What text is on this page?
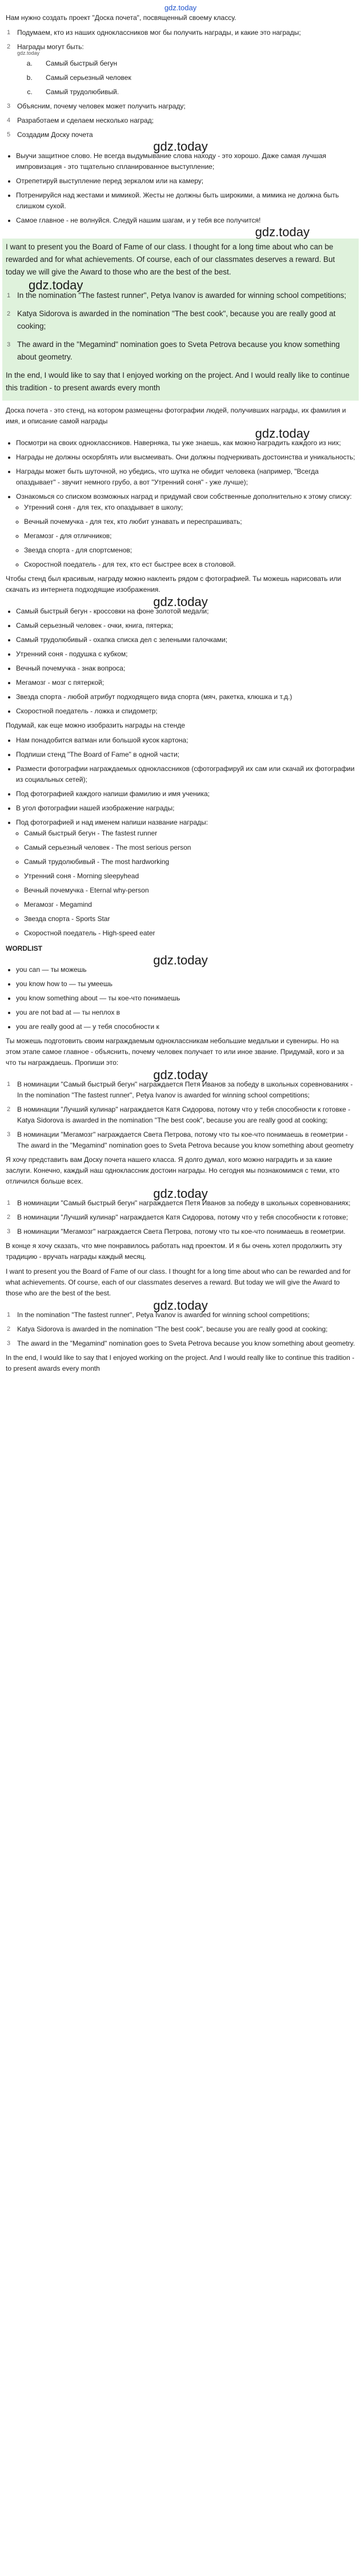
gdz.today

Нам нужно создать проект "Доска почета", посвященный своему классу.

1 Подумаем, кто из наших одноклассников мог бы получить награды, и какие это награды;
2 Награды могут быть:
gdz.today
a. Самый быстрый бегун
b. Самый серьезный человек
c. Самый трудолюбивый.
3 Объясним, почему человек может получить награду;
4 Разработаем и сделаем несколько наград;
5 Создадим Доску почета
gdz.today
• Выучи защитное слово. Не всегда выдумывание слова находу - это хорошо. Даже самая лучшая импровизация - это тщательно спланированное выступление;
• Отрепетируй выступление перед зеркалом или на камеру;
• Потренируйся над жестами и мимикой. Жесты не должны быть широкими, а мимика не должна быть слишком сухой.
• Самое главное - не волнуйся. Следуй нашим шагам, и у тебя все получится!
gdz.today

I want to present you the Board of Fame of our class. I thought for a long time about who can be rewarded and for what achievements. Of course, each of our classmates deserves a reward. But today we will give the Award to those who are the best of the best.

gdz.today
1 In the nomination "The fastest runner", Petya Ivanov is awarded for winning school competitions;
2 Katya Sidorova is awarded in the nomination "The best cook", because you are really good at cooking;
3 The award in the "Megamind" nomination goes to Sveta Petrova because you know something about geometry.

In the end, I would like to say that I enjoyed working on the project. And I would really like to continue this tradition - to present awards every month

Доска почета - это стенд, на котором размещены фотографии людей, получивших награды, их фамилия и имя, и описание самой награды

gdz.today
• Посмотри на своих одноклассников. Наверняка, ты уже знаешь, как можно наградить каждого из них;
• Награды не должны оскорблять или высмеивать. Они должны подчеркивать достоинства и уникальность;
• Награды может быть шуточной, но убедись, что шутка не обидит человека (например, "Всегда опаздывает" - звучит немного грубо, а вот "Утренний соня" - уже лучше);
• Ознакомься со списком возможных наград и придумай свои собственные дополнительно к этому списку:
◦ Утренний соня - для тех, кто опаздывает в школу;
◦ Вечный почемучка - для тех, кто любит узнавать и переспрашивать;
◦ Мегамозг - для отличников;
◦ Звезда спорта - для спортсменов;
◦ Скоростной поедатель - для тех, кто ест быстрее всех в столовой.

Чтобы стенд был красивым, награду можно наклеить рядом с фотографией. Ты можешь нарисовать или скачать из интернета подходящие изображения.

gdz.today
• Самый быстрый бегун - кроссовки на фоне золотой медали;
• Самый серьезный человек - очки, книга, пятерка;
• Самый трудолюбивый - охапка списка дел с зелеными галочками;
• Утренний соня - подушка с кубком;
• Вечный почемучка - знак вопроса;
• Мегамозг - мозг с пятеркой;
• Звезда спорта - любой атрибут подходящего вида спорта (мяч, ракетка, клюшка и т.д.)
• Скоростной поедатель - ложка и спидометр;

Подумай, как еще можно изобразить награды на стенде

• Нам понадобится ватман или большой кусок картона;
• Подпиши стенд "The Board of Fame" в одной части;
• Размести фотографии награждаемых одноклассников (сфотографируй их сам или скачай их фотографии из социальных сетей);
• Под фотографией каждого напиши фамилию и имя ученика;
• В угол фотографии нашей изображение награды;
• Под фотографией и над именем напиши название награды:
◦ Самый быстрый бегун - The fastest runner
◦ Самый серьезный человек - The most serious person
◦ Самый трудолюбивый - The most hardworking
◦ Утренний соня - Morning sleepyhead
◦ Вечный почемучка - Eternal why-person
◦ Мегамозг - Megamind
◦ Звезда спорта - Sports Star
◦ Скоростной поедатель - High-speed eater
WORDLIST
gdz.today
• you can — ты можешь
• you know how to — ты умеешь
• you know something about — ты кое-что понимаешь
• you are not bad at — ты неплох в
• you are really good at — у тебя способности к

Ты можешь подготовить своим награждаемым одноклассникам небольшие медальки и сувениры. Но на этом этапе самое главное - объяснить, почему человек получает то или иное звание. Придумай, кого и за что ты награждаешь. Пропиши это:

gdz.today
1 В номинации "Самый быстрый бегун" награждается Петя Иванов за победу в школьных соревнованиях - In the nomination "The fastest runner", Petya Ivanov is awarded for winning school competitions;
2 В номинации "Лучший кулинар" награждается Катя Сидорова, потому что у тебя способности к готовке - Katya Sidorova is awarded in the nomination "The best cook", because you are really good at cooking;
3 В номинации "Мегамозг" награждается Света Петрова, потому что ты кое-что понимаешь в геометрии - The award in the "Megamind" nomination goes to Sveta Petrova because you know something about geometry

Я хочу представить вам Доску почета нашего класса. Я долго думал, кого можно наградить и за какие заслуги. Конечно, каждый наш одноклассник достоин награды. Но сегодня мы познакомимся с теми, кто отличился больше всех.

gdz.today
1 В номинации "Самый быстрый бегун" награждается Петя Иванов за победу в школьных соревнованиях;
2 В номинации "Лучший кулинар" награждается Катя Сидорова, потому что у тебя способности к готовке;
3 В номинации "Мегамозг" награждается Света Петрова, потому что ты кое-что понимаешь в геометрии.

В конце я хочу сказать, что мне понравилось работать над проектом. И я бы очень хотел продолжить эту традицию - вручать награды каждый месяц.

I want to present you the Board of Fame of our class. I thought for a long time about who can be rewarded and for what achievements. Of course, each of our classmates deserves a reward. But today we will give the Award to those who are the best of the best.

gdz.today
1 In the nomination "The fastest runner", Petya Ivanov is awarded for winning school competitions;
2 Katya Sidorova is awarded in the nomination "The best cook", because you are really good at cooking;
3 The award in the "Megamind" nomination goes to Sveta Petrova because you know something about geometry.

In the end, I would like to say that I enjoyed working on the project. And I would really like to continue this tradition - to present awards every month
